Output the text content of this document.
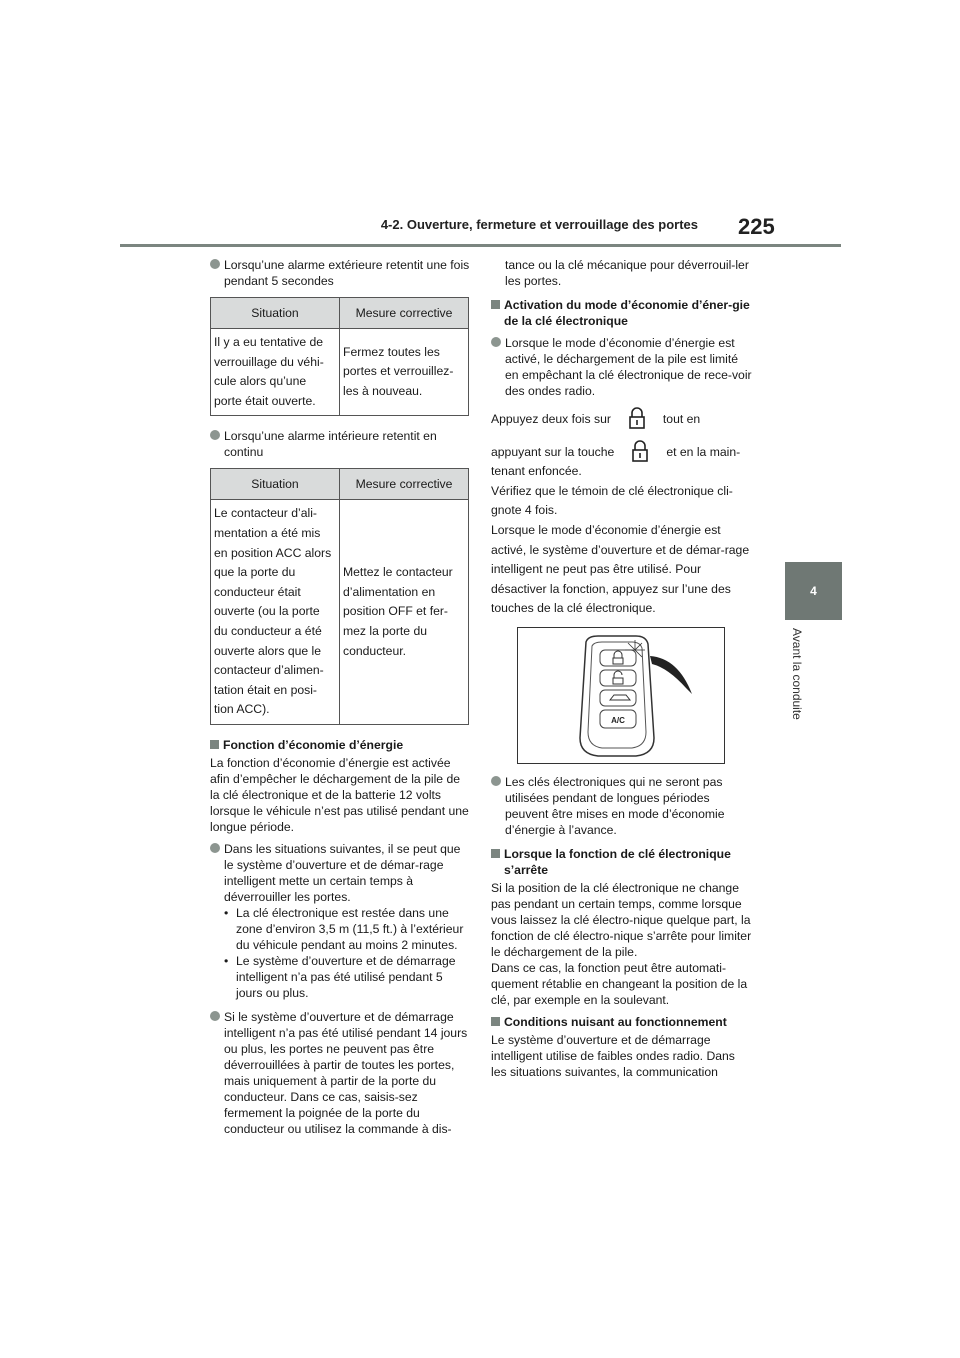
4-2. Ouverture, fermeture et verrouillage des portes 225
4
Avant la conduite
Lorsqu’une alarme extérieure retentit une fois pendant 5 secondes
Situation	Mesure corrective
Il y a eu tentative de verrouillage du véhi-cule alors qu’une porte était ouverte.	Fermez toutes les portes et verrouillez-les à nouveau.
Lorsqu’une alarme intérieure retentit en continu
Situation	Mesure corrective
Le contacteur d’ali-mentation a été mis en position ACC alors que la porte du conducteur était ouverte (ou la porte du conducteur a été ouverte alors que le contacteur d’alimen-tation était en posi-tion ACC).	Mettez le contacteur d’alimentation en position OFF et fer-mez la porte du conducteur.
Fonction d’économie d’énergie

La fonction d’économie d’énergie est activée afin d’empêcher le déchargement de la pile de la clé électronique et de la batterie 12 volts lorsque le véhicule n’est pas utilisé pendant une longue période.

Dans les situations suivantes, il se peut que le système d’ouverture et de démar-rage intelligent mette un certain temps à déverrouiller les portes.
• La clé électronique est restée dans une zone d’environ 3,5 m (11,5 ft.) à l’extérieur du véhicule pendant au moins 2 minutes.
• Le système d’ouverture et de démarrage intelligent n’a pas été utilisé pendant 5 jours ou plus.
Si le système d’ouverture et de démarrage intelligent n’a pas été utilisé pendant 14 jours ou plus, les portes ne peuvent pas être déverrouillées à partir de toutes les portes, mais uniquement à partir de la porte du conducteur. Dans ce cas, saisis-sez fermement la poignée de la porte du conducteur ou utilisez la commande à dis-

tance ou la clé mécanique pour déverrouil-ler les portes.

Activation du mode d’économie d’éner-gie de la clé électronique
Lorsque le mode d’économie d’énergie est activé, le déchargement de la pile est limité en empêchant la clé électronique de rece-voir des ondes radio.

Appuyez deux fois sur	tout en

appuyant sur la touche	et en la main-

tenant enfoncée.

Vérifiez que le témoin de clé électronique cli-gnote 4 fois.

Lorsque le mode d’économie d’énergie est activé, le système d’ouverture et de démar-rage intelligent ne peut pas être utilisé. Pour désactiver la fonction, appuyez sur l’une des touches de la clé électronique.

A/C
Les clés électroniques qui ne seront pas utilisées pendant de longues périodes peuvent être mises en mode d’économie d’énergie à l’avance.
Lorsque la fonction de clé électronique s’arrête

Si la position de la clé électronique ne change pas pendant un certain temps, comme lorsque vous laissez la clé électro-nique quelque part, la fonction de clé électro-nique s’arrête pour limiter le déchargement de la pile.

Dans ce cas, la fonction peut être automati-quement rétablie en changeant la position de la clé, par exemple en la soulevant.

Conditions nuisant au fonctionnement

Le système d’ouverture et de démarrage intelligent utilise de faibles ondes radio. Dans les situations suivantes, la communication
